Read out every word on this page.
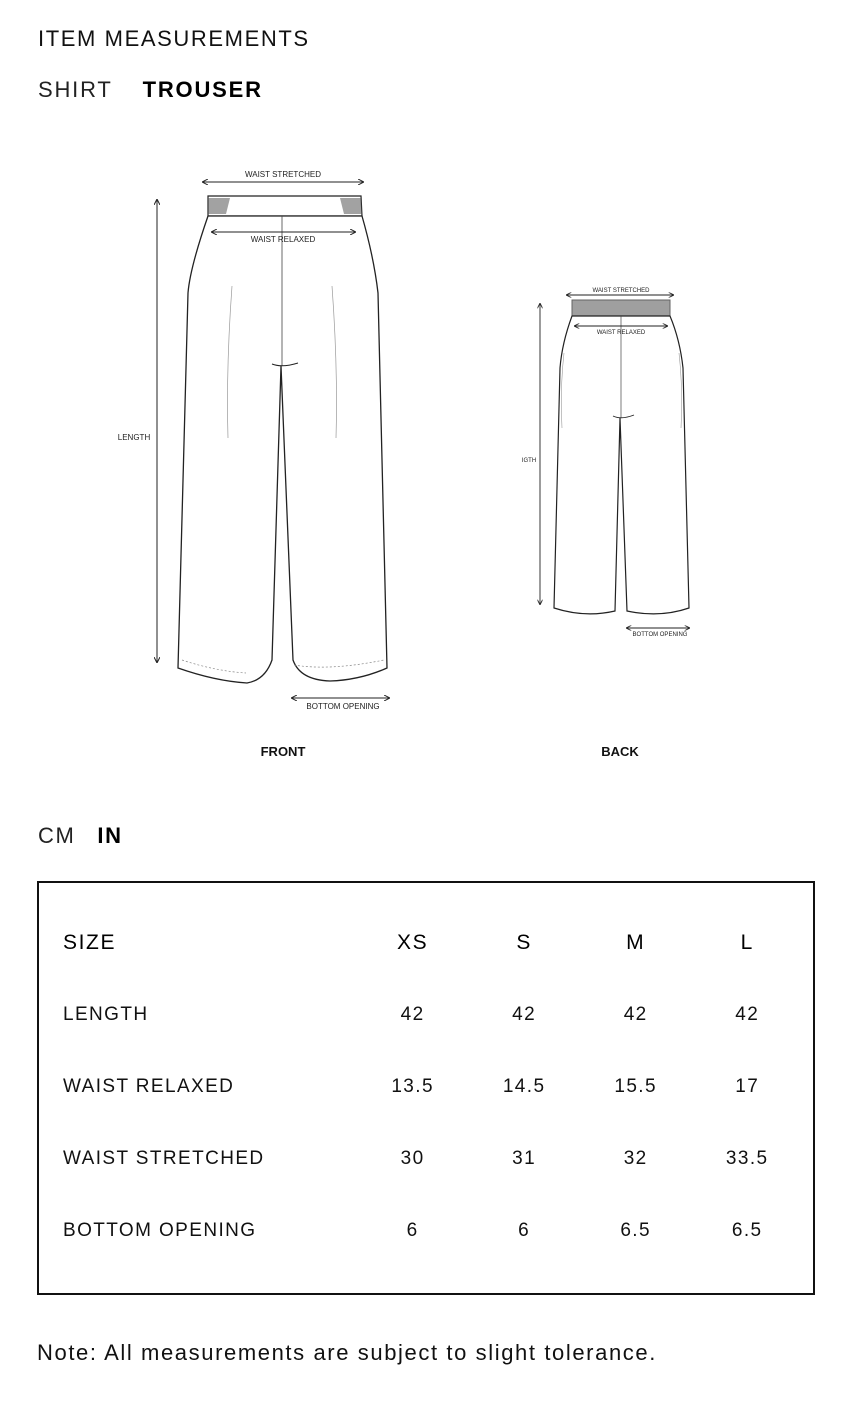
ITEM MEASUREMENTS
SHIRT TROUSER
WAIST STRETCHED
WAIST RELAXED
LENGTH
BOTTOM OPENING
FRONT
WAIST STRETCHED
WAIST RELAXED
IGTH
BOTTOM OPENING
BACK
CM IN
SIZE	XS	S	M	L
LENGTH	42	42	42	42
WAIST RELAXED	13.5	14.5	15.5	17
WAIST STRETCHED	30	31	32	33.5
BOTTOM OPENING	6	6	6.5	6.5
Note: All measurements are subject to slight tolerance.
